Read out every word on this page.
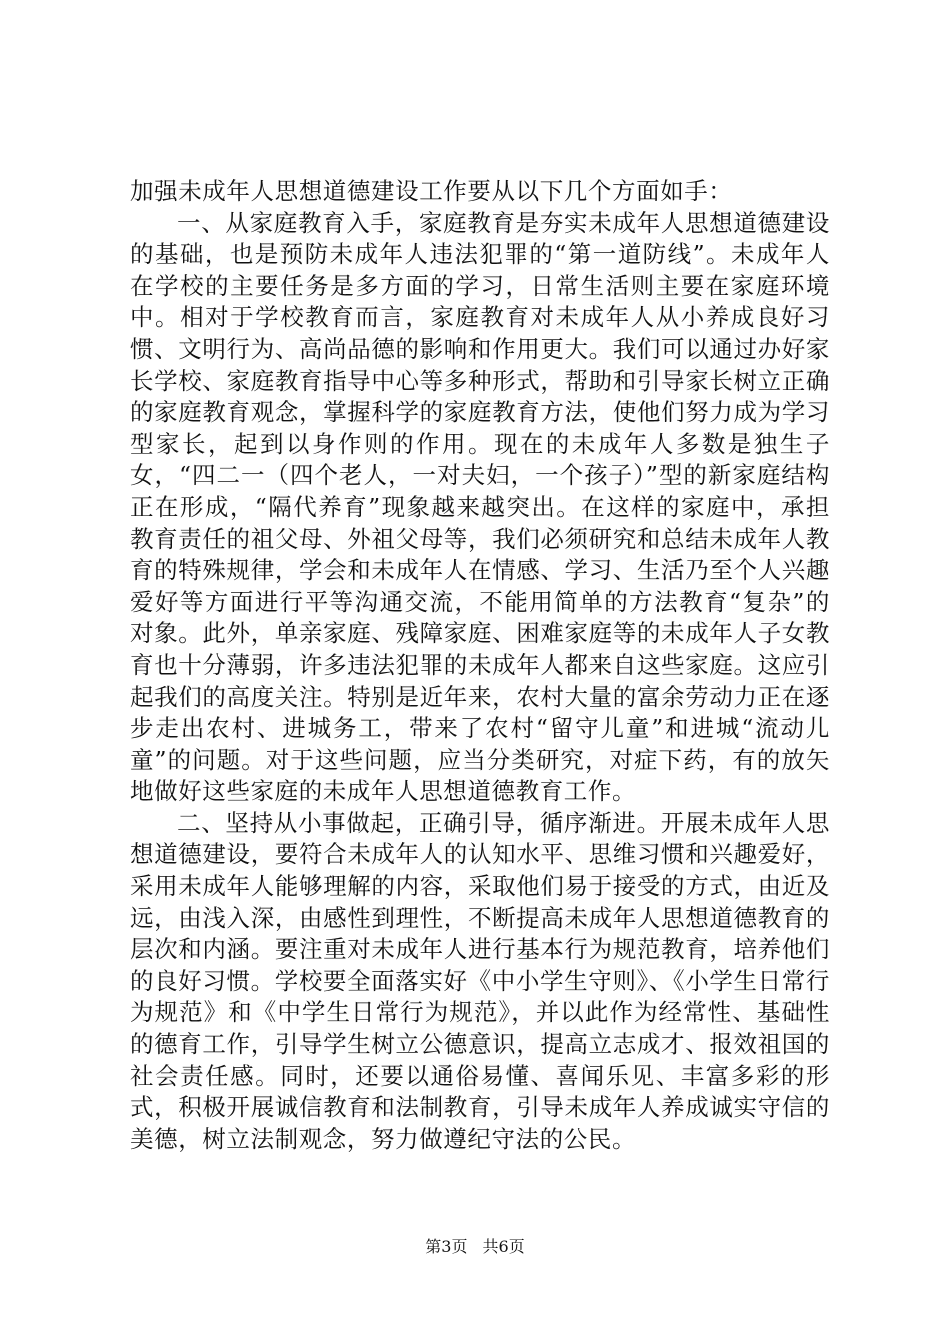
加强未成年人思想道德建设工作要从以下几个方面如手：

一、从家庭教育入手，家庭教育是夯实未成年人思想道德建设的基础，也是预防未成年人违法犯罪的“第一道防线”。未成年人在学校的主要任务是多方面的学习，日常生活则主要在家庭环境中。相对于学校教育而言，家庭教育对未成年人从小养成良好习惯、文明行为、高尚品德的影响和作用更大。我们可以通过办好家长学校、家庭教育指导中心等多种形式，帮助和引导家长树立正确的家庭教育观念，掌握科学的家庭教育方法，使他们努力成为学习型家长，起到以身作则的作用。现在的未成年人多数是独生子女，“四二一（四个老人，一对夫妇，一个孩子）”型的新家庭结构正在形成，“隔代养育”现象越来越突出。在这样的家庭中，承担教育责任的祖父母、外祖父母等，我们必须研究和总结未成年人教育的特殊规律，学会和未成年人在情感、学习、生活乃至个人兴趣爱好等方面进行平等沟通交流，不能用简单的方法教育“复杂”的对象。此外，单亲家庭、残障家庭、困难家庭等的未成年人子女教育也十分薄弱，许多违法犯罪的未成年人都来自这些家庭。这应引起我们的高度关注。特别是近年来，农村大量的富余劳动力正在逐步走出农村、进城务工，带来了农村“留守儿童”和进城“流动儿童”的问题。对于这些问题，应当分类研究，对症下药，有的放矢地做好这些家庭的未成年人思想道德教育工作。

二、坚持从小事做起，正确引导，循序渐进。开展未成年人思想道德建设，要符合未成年人的认知水平、思维习惯和兴趣爱好，采用未成年人能够理解的内容，采取他们易于接受的方式，由近及远，由浅入深，由感性到理性，不断提高未成年人思想道德教育的层次和内涵。要注重对未成年人进行基本行为规范教育，培养他们的良好习惯。学校要全面落实好《中小学生守则》、《小学生日常行为规范》和《中学生日常行为规范》，并以此作为经常性、基础性的德育工作，引导学生树立公德意识，提高立志成才、报效祖国的社会责任感。同时，还要以通俗易懂、喜闻乐见、丰富多彩的形式，积极开展诚信教育和法制教育，引导未成年人养成诚实守信的美德，树立法制观念，努力做遵纪守法的公民。

第3页 共6页
